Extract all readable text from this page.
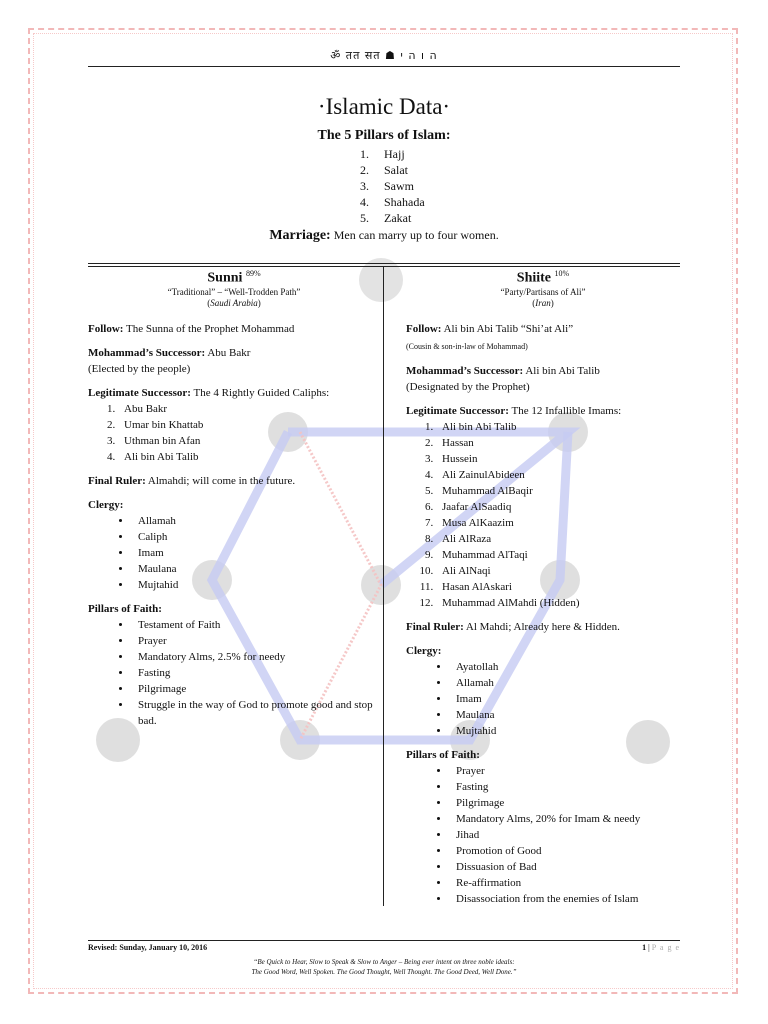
ॐ तत सत ☗ ה ו ה י
·Islamic Data·
The 5 Pillars of Islam:
1. Hajj
2. Salat
3. Sawm
4. Shahada
5. Zakat
Marriage: Men can marry up to four women.
Sunni $^{89\%}$
“Traditional” – “Well-Trodden Path”
(Saudi Arabia)
Follow: The Sunna of the Prophet Mohammad
Mohammad’s Successor: Abu Bakr
(Elected by the people)
Legitimate Successor: The 4 Rightly Guided Caliphs:
1. Abu Bakr
2. Umar bin Khattab
3. Uthman bin Afan
4. Ali bin Abi Talib
Final Ruler: Almahdi; will come in the future.
Clergy:
• Allamah
• Caliph
• Imam
• Maulana
• Mujtahid
Pillars of Faith:
• Testament of Faith
• Prayer
• Mandatory Alms, 2.5% for needy
• Fasting
• Pilgrimage
• Struggle in the way of God to promote good and stop bad.
Shiite $^{10\%}$
“Party/Partisans of Ali”
(Iran)
Follow: Ali bin Abi Talib “Shi’at Ali”
(Cousin & son-in-law of Mohammad)
Mohammad’s Successor: Ali bin Abi Talib
(Designated by the Prophet)
Legitimate Successor: The 12 Infallible Imams:
1. Ali bin Abi Talib
2. Hassan
3. Hussein
4. Ali ZainulAbideen
5. Muhammad AlBaqir
6. Jaafar AlSaadiq
7. Musa AlKaazim
8. Ali AlRaza
9. Muhammad AlTaqi
10. Ali AlNaqi
11. Hasan AlAskari
12. Muhammad AlMahdi (Hidden)
Final Ruler: Al Mahdi; Already here & Hidden.
Clergy:
• Ayatollah
• Allamah
• Imam
• Maulana
• Mujtahid
Pillars of Faith:
• Prayer
• Fasting
• Pilgrimage
• Mandatory Alms, 20% for Imam & needy
• Jihad
• Promotion of Good
• Dissuasion of Bad
• Re-affirmation
• Disassociation from the enemies of Islam
Revised: Sunday, January 10, 2016	1 | P a g e
“Be Quick to Hear, Slow to Speak & Slow to Anger – Being ever intent on three noble ideals:
The Good Word, Well Spoken. The Good Thought, Well Thought. The Good Deed, Well Done.”
